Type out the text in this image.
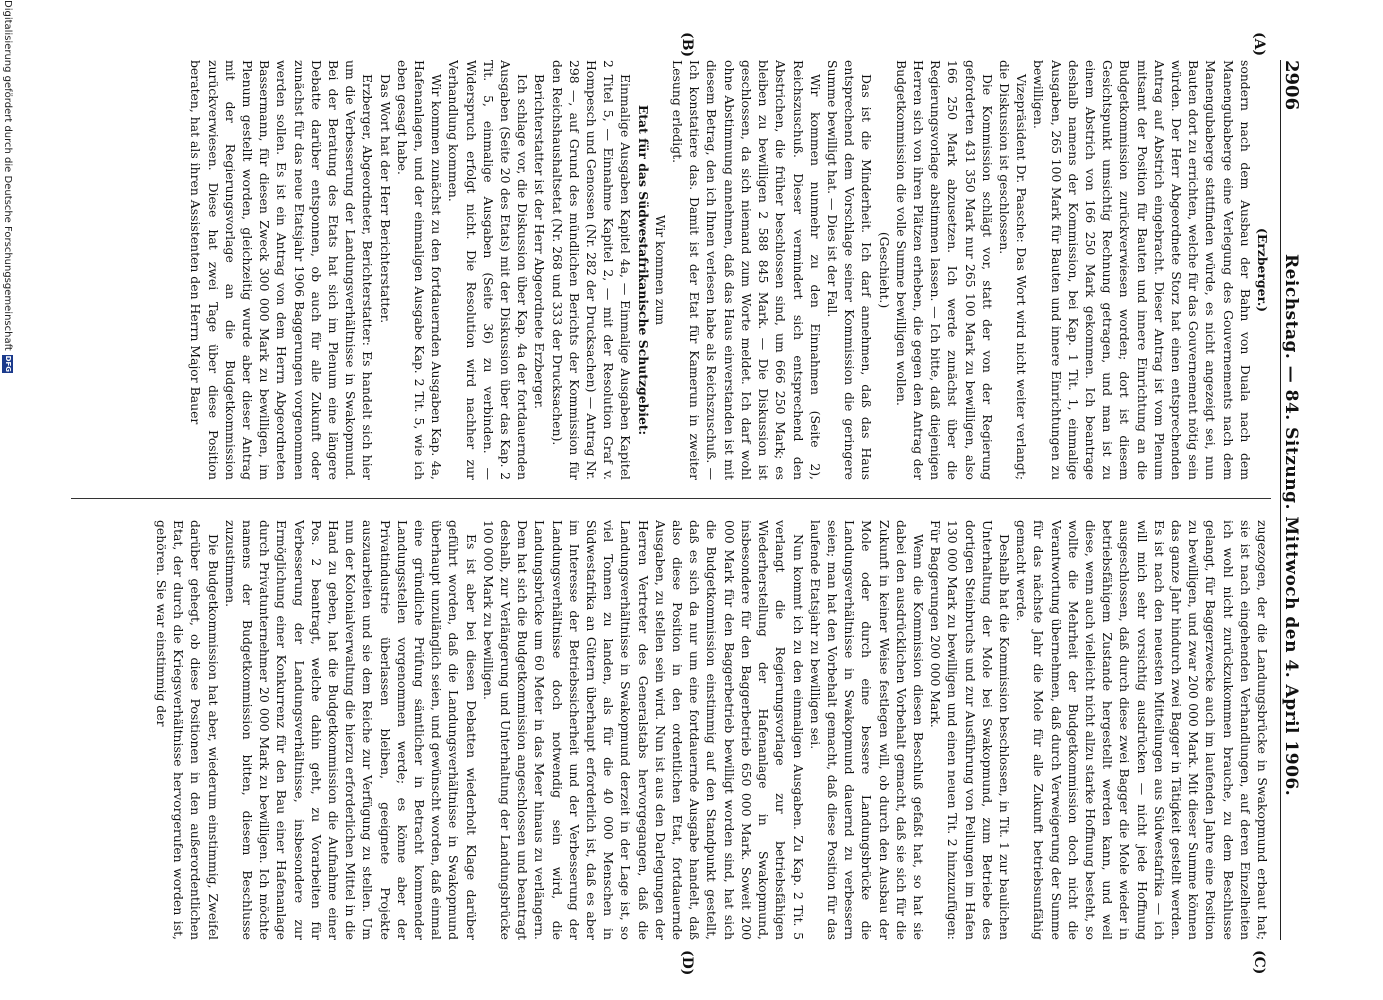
2906
Reichstag. — 84. Sitzung. Mittwoch den 4. April 1906.
(A)
(B)
(C)
(D)

(Erzberger.)

sondern nach dem Ausbau der Bahn von Duala nach dem Manengubaberge eine Verlegung des Gouvernements nach dem Manengubaberge stattfinden würde, es nicht angezeigt sei, nun Bauten dort zu errichten, welche für das Gouvernement nötig sein würden. Der Herr Abgeordnete Storz hat einen entsprechenden Antrag auf Abstrich eingebracht. Dieser Antrag ist vom Plenum mitsamt der Position für Bauten und innere Einrichtung an die Budgetkommission zurückverwiesen worden; dort ist diesem Gesichtspunkt umsichtig Rechnung getragen, und man ist zu einem Abstrich von 166 250 Mark gekommen. Ich beantrage deshalb namens der Kommission, bei Kap. 1 Tit. 1, einmalige Ausgaben, 265 100 Mark für Bauten und innere Einrichtungen zu bewilligen.

Vizepräsident Dr. Paasche: Das Wort wird nicht weiter verlangt; die Diskussion ist geschlossen.

Die Kommission schlägt vor, statt der von der Regierung geforderten 431 350 Mark nur 265 100 Mark zu bewilligen, also 166 250 Mark abzusetzen. Ich werde zunächst über die Regierungsvorlage abstimmen lassen. — Ich bitte, daß diejenigen Herren sich von ihren Plätzen erheben, die gegen den Antrag der Budgetkommission die volle Summe bewilligen wollen.

(Geschieht.)

Das ist die Minderheit. Ich darf annehmen, daß das Haus entsprechend dem Vorschlage seiner Kommission die geringere Summe bewilligt hat. — Dies ist der Fall.

Wir kommen nunmehr zu den Einnahmen (Seite 2), Reichszuschuß. Dieser vermindert sich entsprechend den Abstrichen, die früher beschlossen sind, um 666 250 Mark; es bleiben zu bewilligen 2 588 845 Mark. — Die Diskussion ist geschlossen, da sich niemand zum Worte meldet. Ich darf wohl ohne Abstimmung annehmen, daß das Haus einverstanden ist mit diesem Betrag, den ich Ihnen verlesen habe als Reichszuschuß. — Ich konstatiere das. Damit ist der Etat für Kamerun in zweiter Lesung erledigt.

Wir kommen zum

Etat für das Südwestafrikanische Schutzgebiet:

Einmalige Ausgaben Kapitel 4a, — Einmalige Ausgaben Kapitel 2 Titel 5, — Einnahme Kapitel 2, — mit der Resolution Graf v. Hompesch und Genossen (Nr. 282 der Drucksachen) — Antrag Nr. 298 —, auf Grund des mündlichen Berichts der Kommission für den Reichshaushaltsetat (Nr. 268 und 333 der Drucksachen).

Berichterstatter ist der Herr Abgeordnete Erzberger.

Ich schlage vor, die Diskussion über Kap. 4a der fortdauernden Ausgaben (Seite 20 des Etats) mit der Diskussion über das Kap. 2 Tit. 5, einmalige Ausgaben (Seite 36) zu verbinden. — Widerspruch erfolgt nicht. Die Resolution wird nachher zur Verhandlung kommen.

Wir kommen zunächst zu den fortdauernden Ausgaben Kap. 4a, Hafenanlagen, und der einmaligen Ausgabe Kap. 2 Tit. 5, wie ich eben gesagt habe.

Das Wort hat der Herr Berichterstatter.

Erzberger, Abgeordneter, Berichterstatter: Es handelt sich hier um die Verbesserung der Landungsverhältnisse in Swakopmund. Bei der Beratung des Etats hat sich im Plenum eine längere Debatte darüber entsponnen, ob auch für alle Zukunft oder zunächst für das neue Etatsjahr 1906 Baggerungen vorgenommen werden sollen. Es ist ein Antrag von dem Herrn Abgeordneten Bassermann, für diesen Zweck 300 000 Mark zu bewilligen, im Plenum gestellt worden, gleichzeitig wurde aber dieser Antrag mit der Regierungsvorlage an die Budgetkommission zurückverwiesen. Diese hat zwei Tage über diese Position beraten, hat als ihren Assistenten den Herrn Major Bauer

zugezogen, der die Landungsbrücke in Swakopmund erbaut hat; sie ist nach eingehenden Verhandlungen, auf deren Einzelheiten ich wohl nicht zurückzukommen brauche, zu dem Beschlusse gelangt, für Baggerzwecke auch im laufenden Jahre eine Position zu bewilligen, und zwar 200 000 Mark. Mit dieser Summe können das ganze Jahr hindurch zwei Bagger in Tätigkeit gestellt werden. Es ist nach den neuesten Mitteilungen aus Südwestafrika — ich will mich sehr vorsichtig ausdrücken — nicht jede Hoffnung ausgeschlossen, daß durch diese zwei Bagger die Mole wieder in betriebsfähigem Zustande hergestellt werden kann, und weil diese, wenn auch vielleicht nicht allzu starke Hoffnung besteht, so wollte die Mehrheit der Budgetkommission doch nicht die Verantwortung übernehmen, daß durch Verweigerung der Summe für das nächste Jahr die Mole für alle Zukunft betriebsunfähig gemacht werde.

Deshalb hat die Kommission beschlossen, in Tit. 1 zur baulichen Unterhaltung der Mole bei Swakopmund, zum Betriebe des dortigen Steinbruchs und zur Ausführung von Peilungen im Hafen 130 000 Mark zu bewilligen und einen neuen Tit. 2 hinzuzufügen: Für Baggerungen 200 000 Mark.

Wenn die Kommission diesen Beschluß gefaßt hat, so hat sie dabei den ausdrücklichen Vorbehalt gemacht, daß sie sich für die Zukunft in keiner Weise festlegen will, ob durch den Ausbau der Mole oder durch eine bessere Landungsbrücke die Landungsverhältnisse in Swakopmund dauernd zu verbessern seien; man hat den Vorbehalt gemacht, daß diese Position für das laufende Etatsjahr zu bewilligen sei.

Nun kommt ich zu den einmaligen Ausgaben. Zu Kap. 2 Tit. 5 verlangt die Regierungsvorlage zur betriebsfähigen Wiederherstellung der Hafenanlage in Swakopmund, insbesondere für den Baggerbetrieb 650 000 Mark. Soweit 200 000 Mark für den Baggerbetrieb bewilligt worden sind, hat sich die Budgetkommission einstimmig auf den Standpunkt gestellt, daß es sich da nur um eine fortdauernde Ausgabe handelt, daß also diese Position in den ordentlichen Etat, fortdauernde Ausgaben, zu stellen sein wird. Nun ist aus den Darlegungen der Herren Vertreter des Generalstabs hervorgegangen, daß die Landungsverhältnisse in Swakopmund derzeit in der Lage ist, so viel Tonnen zu landen, als für die 40 000 Menschen in Südwestafrika an Gütern überhaupt erforderlich ist, daß es aber im Interesse der Betriebssicherheit und der Verbesserung der Landungsverhältnisse doch notwendig sein wird, die Landungsbrücke um 60 Meter in das Meer hinaus zu verlängern. Dem hat sich die Budgetkommission angeschlossen und beantragt deshalb, zur Verlängerung und Unterhaltung der Landungsbrücke 100 000 Mark zu bewilligen.

Es ist aber bei diesen Debatten wiederholt Klage darüber geführt worden, daß die Landungsverhältnisse in Swakopmund überhaupt unzulänglich seien, und gewünscht worden, daß einmal eine gründliche Prüfung sämtlicher in Betracht kommender Landungsstellen vorgenommen werde; es könne aber der Privatindustrie überlassen bleiben, geeignete Projekte auszuarbeiten und sie dem Reiche zur Verfügung zu stellen. Um nun der Kolonialverwaltung die hierzu erforderlichen Mittel in die Hand zu geben, hat die Budgetkommission die Aufnahme einer Pos. 2 beantragt, welche dahin geht, zu Vorarbeiten für Verbesserung der Landungsverhältnisse, insbesondere zur Ermöglichung einer Konkurrenz für den Bau einer Hafenanlage durch Privatunternehmer 20 000 Mark zu bewilligen. Ich möchte namens der Budgetkommission bitten, diesem Beschlusse zuzustimmen.

Die Budgetkommission hat aber, wiederum einstimmig, Zweifel darüber gehegt, ob diese Positionen in den außerordentlichen Etat, der durch die Kriegsverhältnisse hervorgerufen worden ist, gehören. Sie war einstimmig der

Digitalisierung gefördert durch die Deutsche Forschungsgemeinschaft
DFG
